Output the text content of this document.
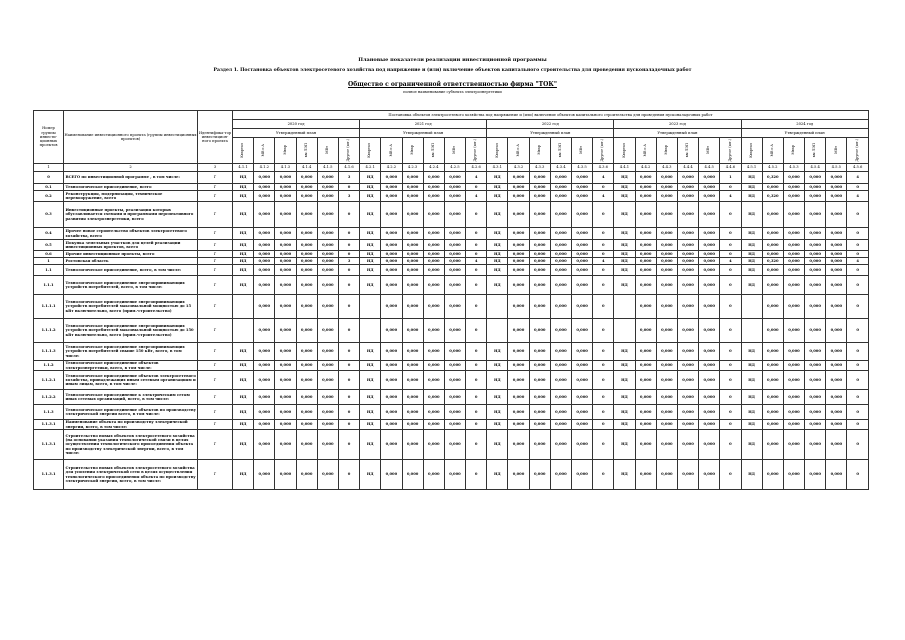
Плановые показатели реализации инвестиционной программы
Раздел 1. Постановка объектов электросетевого хозяйства под напряжение и (или) включение объектов капитального строительства для проведения пусконаладочных работ
Общество с ограниченной ответственностью фирма "ТОК"
полное наименование субъекта электроэнергетики
Номер группы инвести-ционных проектов	Наименование инвестиционного проекта (группы инвестиционных проектов)	Идентифика-тор инвестицион-ного проекта	Постановка объектов электросетевого хозяйства под напряжение и (или) включение объектов капитального строительства для проведения пусконаладочных работ																													
			2020 год						2021 год						2022 год						2023 год						2024 год					
			Утвержденный план						Утвержденный план						Утвержденный план						Утвержденный план						Утвержденный план					
			Квартал	МВ×А	Мвар	км ЛЭП	МВт	Другое (шт.)	Квартал	МВ×А	Мвар	км ЛЭП	МВт	Другое (шт.)	Квартал	МВ×А	Мвар	км ЛЭП	МВт	Другое (шт.)	Квартал	МВ×А	Мвар	км ЛЭП	МВт	Другое (шт.)	Квартал	МВ×А	Мвар	км ЛЭП	МВт	Другое (шт.)
1	2	3	4.1.1	4.1.2	4.1.3	4.1.4	4.1.5	4.1.6	4.2.1	4.2.2	4.2.3	4.2.4	4.2.5	4.2.6	4.3.1	4.3.2	4.3.3	4.3.4	4.3.5	4.3.6	4.4.1	4.4.2	4.4.3	4.4.4	4.4.5	4.4.6	4.5.1	4.5.2	4.5.3	4.5.4	4.5.5	4.5.6
0	ВСЕГО по инвестиционной программе , в том числе:	Г	НД	0,000	0,000	0,000	0,000	3	НД	0,000	0,000	0,000	0,000	4	НД	0,000	0,000	0,000	0,000	4	НД	0,000	0,000	0,000	0,000	1	НД	0,320	0,000	0,000	0,000	4
0.1	Технологическое присоединение, всего	Г	НД	0,000	0,000	0,000	0,000	0	НД	0,000	0,000	0,000	0,000	0	НД	0,000	0,000	0,000	0,000	0	НД	0,000	0,000	0,000	0,000	0	НД	0,000	0,000	0,000	0,000	0
0.2	Реконструкция, модернизация, техническое перевооружение, всего	Г	НД	0,000	0,000	0,000	0,000	3	НД	0,000	0,000	0,000	0,000	4	НД	0,000	0,000	0,000	0,000	4	НД	0,000	0,000	0,000	0,000	4	НД	0,320	0,000	0,000	0,000	4
0.3	Инвестиционные проекты, реализация которых обуславливается схемами и программами перспективного развития электроэнергетики, всего	Г	НД	0,000	0,000	0,000	0,000	0	НД	0,000	0,000	0,000	0,000	0	НД	0,000	0,000	0,000	0,000	0	НД	0,000	0,000	0,000	0,000	0	НД	0,000	0,000	0,000	0,000	0
0.4	Прочее новое строительство объектов электросетевого хозяйства, всего	Г	НД	0,000	0,000	0,000	0,000	0	НД	0,000	0,000	0,000	0,000	0	НД	0,000	0,000	0,000	0,000	0	НД	0,000	0,000	0,000	0,000	0	НД	0,000	0,000	0,000	0,000	0
0.5	Покупка земельных участков для целей реализации инвестиционных проектов, всего	Г	НД	0,000	0,000	0,000	0,000	0	НД	0,000	0,000	0,000	0,000	0	НД	0,000	0,000	0,000	0,000	0	НД	0,000	0,000	0,000	0,000	0	НД	0,000	0,000	0,000	0,000	0
0.6	Прочие инвестиционные проекты, всего	Г	НД	0,000	0,000	0,000	0,000	0	НД	0,000	0,000	0,000	0,000	0	НД	0,000	0,000	0,000	0,000	0	НД	0,000	0,000	0,000	0,000	0	НД	0,000	0,000	0,000	0,000	0
1	Ростовская область	Г	НД	0,000	0,000	0,000	0,000	3	НД	0,000	0,000	0,000	0,000	4	НД	0,000	0,000	0,000	0,000	4	НД	0,000	0,000	0,000	0,000	4	НД	0,320	0,000	0,000	0,000	4
1.1	Технологическое присоединение, всего, в том числе:	Г	НД	0,000	0,000	0,000	0,000	0	НД	0,000	0,000	0,000	0,000	0	НД	0,000	0,000	0,000	0,000	0	НД	0,000	0,000	0,000	0,000	0	НД	0,000	0,000	0,000	0,000	0
1.1.1	Технологическое присоединение энергопринимающих устройств потребителей, всего, в том числе:	Г	НД	0,000	0,000	0,000	0,000	0	НД	0,000	0,000	0,000	0,000	0	НД	0,000	0,000	0,000	0,000	0	НД	0,000	0,000	0,000	0,000	0	НД	0,000	0,000	0,000	0,000	0
1.1.1.1	Технологическое присоединение энергопринимающих устройств потребителей максимальной мощностью до 15 кВт включительно, всего (прим.-строительство)	Г		0,000	0,000	0,000	0,000	0		0,000	0,000	0,000	0,000	0		0,000	0,000	0,000	0,000	0		0,000	0,000	0,000	0,000	0		0,000	0,000	0,000	0,000	0
1.1.1.2	Технологическое присоединение энергопринимающих устройств потребителей максимальной мощностью до 150 кВт включительно, всего (прим.-строительство)	Г		0,000	0,000	0,000	0,000	0		0,000	0,000	0,000	0,000	0		0,000	0,000	0,000	0,000	0		0,000	0,000	0,000	0,000	0		0,000	0,000	0,000	0,000	0
1.1.1.3	Технологическое присоединение энергопринимающих устройств потребителей свыше 150 кВт, всего, в том числе:	Г	НД	0,000	0,000	0,000	0,000	0	НД	0,000	0,000	0,000	0,000	0	НД	0,000	0,000	0,000	0,000	0	НД	0,000	0,000	0,000	0,000	0	НД	0,000	0,000	0,000	0,000	0
1.1.2	Технологическое присоединение объектов электроэнергетики, всего, в том числе:	Г	НД	0,000	0,000	0,000	0,000	0	НД	0,000	0,000	0,000	0,000	0	НД	0,000	0,000	0,000	0,000	0	НД	0,000	0,000	0,000	0,000	0	НД	0,000	0,000	0,000	0,000	0
1.1.2.1	Технологическое присоединение объектов электросетевого хозяйства, принадлежащих иным сетевым организациям и иным лицам, всего, в том числе:	Г	НД	0,000	0,000	0,000	0,000	0	НД	0,000	0,000	0,000	0,000	0	НД	0,000	0,000	0,000	0,000	0	НД	0,000	0,000	0,000	0,000	0	НД	0,000	0,000	0,000	0,000	0
1.1.2.2	Технологическое присоединение к электрическим сетям иных сетевых организаций, всего, в том числе:	Г	НД	0,000	0,000	0,000	0,000	0	НД	0,000	0,000	0,000	0,000	0	НД	0,000	0,000	0,000	0,000	0	НД	0,000	0,000	0,000	0,000	0	НД	0,000	0,000	0,000	0,000	0
1.1.3	Технологическое присоединение объектов по производству электрической энергии всего, в том числе:	Г	НД	0,000	0,000	0,000	0,000	0	НД	0,000	0,000	0,000	0,000	0	НД	0,000	0,000	0,000	0,000	0	НД	0,000	0,000	0,000	0,000	0	НД	0,000	0,000	0,000	0,000	0
1.1.3.1	Наименование объекта по производству электрической энергии, всего, в том числе:	Г	НД	0,000	0,000	0,000	0,000	0	НД	0,000	0,000	0,000	0,000	0	НД	0,000	0,000	0,000	0,000	0	НД	0,000	0,000	0,000	0,000	0	НД	0,000	0,000	0,000	0,000	0
1.1.3.1	Строительство новых объектов электросетевого хозяйства (на основании указания технологической связи в целях осуществления технологического присоединения объекта по производству электрической энергии, всего, в том числе:	Г	НД	0,000	0,000	0,000	0,000	0	НД	0,000	0,000	0,000	0,000	0	НД	0,000	0,000	0,000	0,000	0	НД	0,000	0,000	0,000	0,000	0	НД	0,000	0,000	0,000	0,000	0
1.1.3.1	Строительство новых объектов электросетевого хозяйства для усиления электрической сети в целях осуществления технологического присоединения объекта по производству электрической энергии, всего, в том числе:	Г	НД	0,000	0,000	0,000	0,000	0	НД	0,000	0,000	0,000	0,000	0	НД	0,000	0,000	0,000	0,000	0	НД	0,000	0,000	0,000	0,000	0	НД	0,000	0,000	0,000	0,000	0
